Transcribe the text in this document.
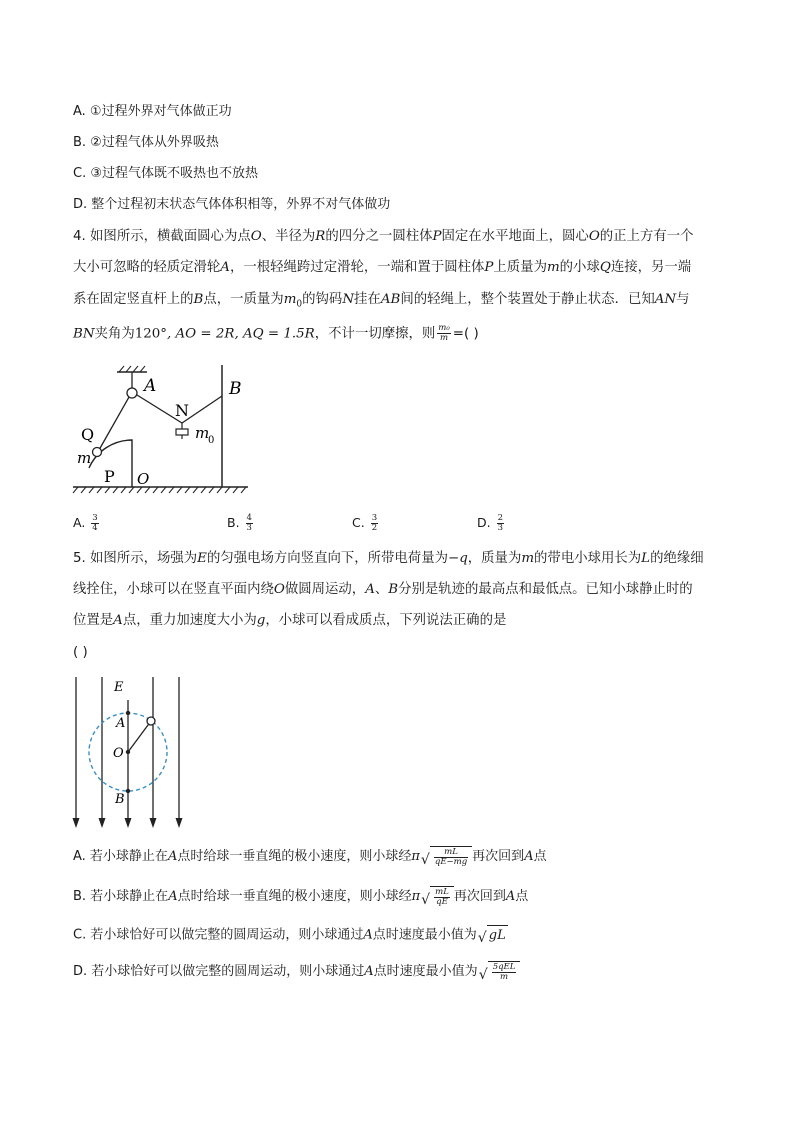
A. ①过程外界对气体做正功
B. ②过程气体从外界吸热
C. ③过程气体既不吸热也不放热
D. 整个过程初末状态气体体积相等，外界不对气体做功
4. 如图所示，横截面圆心为点O、半径为R的四分之一圆柱体P固定在水平地面上，圆心O的正上方有一个
大小可忽略的轻质定滑轮A，一根轻绳跨过定滑轮，一端和置于圆柱体P上质量为m的小球Q连接，另一端
系在固定竖直杆上的B点，一质量为$m_0$的钩码N挂在AB间的轻绳上，整个装置处于静止状态．已知AN与
BN夹角为120°, AO = 2R, AQ = 1.5R，不计一切摩擦，则 $\frac{\text{m₀}}{m}$ =( )
A	B
N
m
0
Q
m
P O
E
A
O
B
A. $\frac{3}{4}$	B. $\frac{4}{3}$	C. $\frac{3}{2}$	D. $\frac{2}{3}$
5. 如图所示，场强为E的匀强电场方向竖直向下，所带电荷量为−q，质量为m的带电小球用长为L的绝缘细
线拴住，小球可以在竖直平面内绕O做圆周运动，A、B分别是轨迹的最高点和最低点。已知小球静止时的
位置是A点，重力加速度大小为g，小球可以看成质点，下列说法正确的是
( )
A. 若小球静止在A点时给球一垂直绳的极小速度，则小球经π √ $\frac{mL}{qE-mg}$ 再次回到A点
B. 若小球静止在A点时给球一垂直绳的极小速度，则小球经π √ $\frac{mL}{qE}$ 再次回到A点
C. 若小球恰好可以做完整的圆周运动，则小球通过A点时速度最小值为 √ gL
D. 若小球恰好可以做完整的圆周运动，则小球通过A点时速度最小值为 √ $\frac{\text{5qEL}}{m}$
